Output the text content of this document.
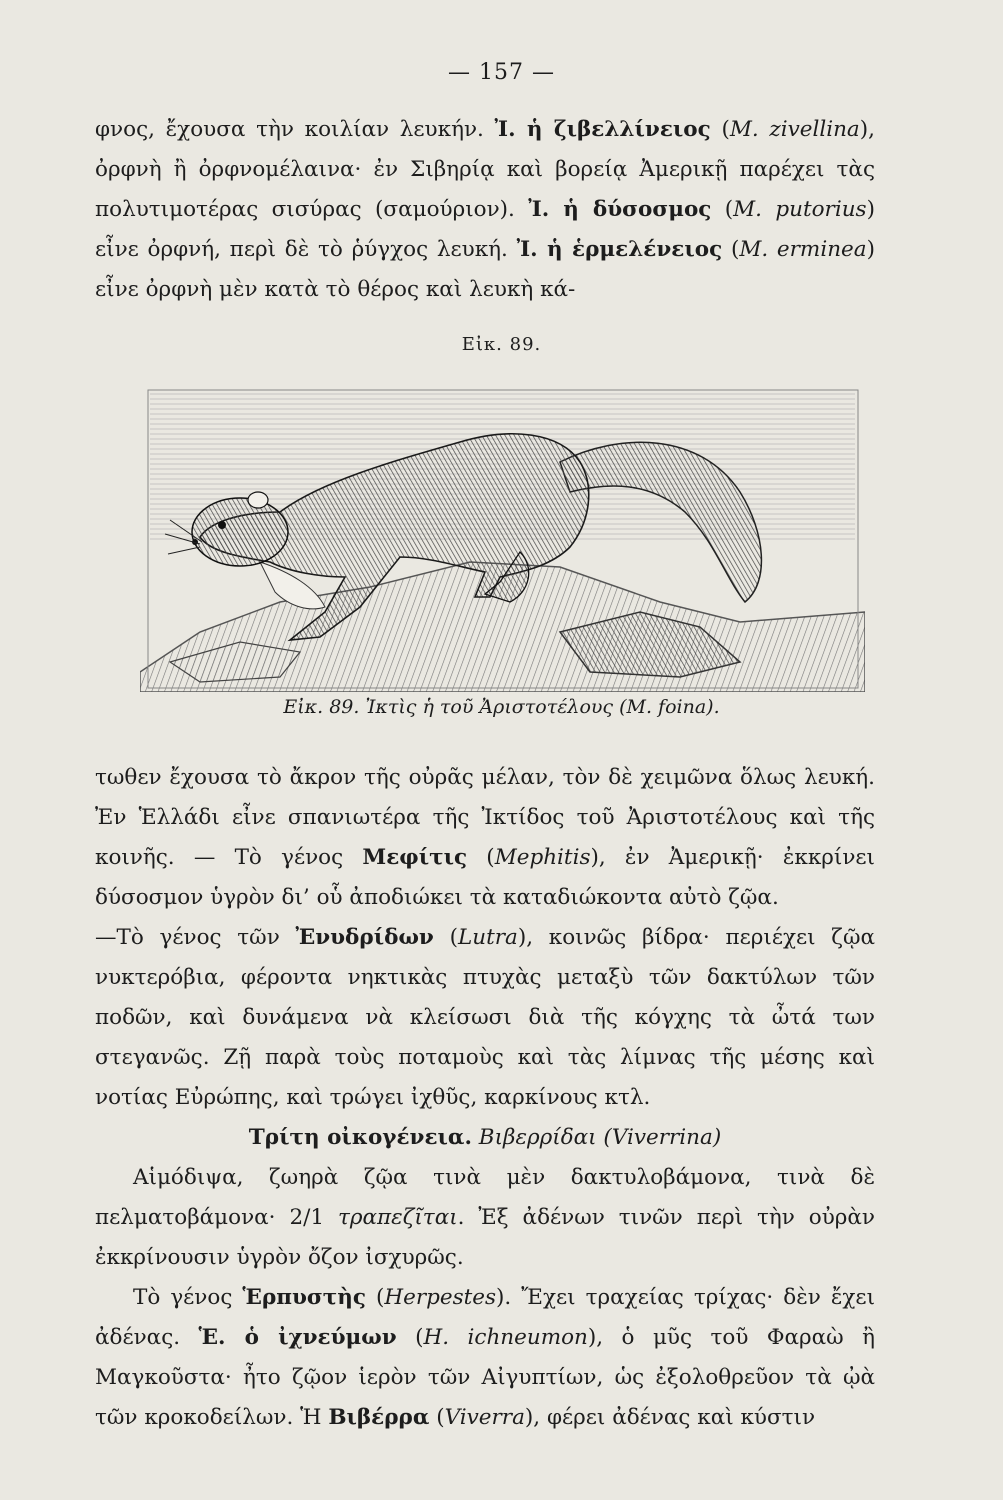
— 157 —

φνος, ἔχουσα τὴν κοιλίαν λευκήν. Ἰ. ἡ ζιβελλίνειος (M. zivellina), ὀρφνὴ ἢ ὀρφνομέλαινα· ἐν Σιβηρίᾳ καὶ βορείᾳ Ἀμερικῇ παρέχει τὰς πολυτιμοτέρας σισύρας (σαμούριον). Ἰ. ἡ δύσοσμος (M. putorius) εἶνε ὀρφνή, περὶ δὲ τὸ ῥύγχος λευκή. Ἰ. ἡ ἑρμελένειος (M. erminea) εἶνε ὀρφνὴ μὲν κατὰ τὸ θέρος καὶ λευκὴ κά-

Εἰκ. 89.
Εἰκ. 89. Ἰκτὶς ἡ τοῦ Ἀριστοτέλους (M. foina).

τωθεν ἔχουσα τὸ ἄκρον τῆς οὐρᾶς μέλαν, τὸν δὲ χειμῶνα ὅλως λευκή. Ἐν Ἑλλάδι εἶνε σπανιωτέρα τῆς Ἰκτίδος τοῦ Ἀριστοτέλους καὶ τῆς κοινῆς. — Τὸ γένος Μεφίτις (Mephitis), ἐν Ἀμερικῇ· ἐκκρίνει δύσοσμον ὑγρὸν δι’ οὗ ἀποδιώκει τὰ καταδιώκοντα αὐτὸ ζῷα.

—Τὸ γένος τῶν Ἐνυδρίδων (Lutra), κοινῶς βίδρα· περιέχει ζῷα νυκτερόβια, φέροντα νηκτικὰς πτυχὰς μεταξὺ τῶν δακτύλων τῶν ποδῶν, καὶ δυνάμενα νὰ κλείσωσι διὰ τῆς κόγχης τὰ ὦτά των στεγανῶς. Ζῇ παρὰ τοὺς ποταμοὺς καὶ τὰς λίμνας τῆς μέσης καὶ νοτίας Εὐρώπης, καὶ τρώγει ἰχθῦς, καρκίνους κτλ.

Τρίτη οἰκογένεια. Βιβερρίδαι (Viverrina)

Αἱμόδιψα, ζωηρὰ ζῷα τινὰ μὲν δακτυλοβάμονα, τινὰ δὲ πελματοβάμονα· 2/1 τραπεζῖται. Ἐξ ἀδένων τινῶν περὶ τὴν οὐρὰν ἐκκρίνουσιν ὑγρὸν ὄζον ἰσχυρῶς.

Τὸ γένος Ἑρπυστὴς (Herpestes). Ἔχει τραχείας τρίχας· δὲν ἔχει ἀδένας. Ἑ. ὁ ἰχνεύμων (H. ichneumon), ὁ μῦς τοῦ Φαραὼ ἢ Μαγκοῦστα· ἦτο ζῷον ἱερὸν τῶν Αἰγυπτίων, ὡς ἐξολοθρεῦον τὰ ᾠὰ τῶν κροκοδείλων. Ἡ Βιβέρρα (Viverra), φέρει ἀδένας καὶ κύστιν
